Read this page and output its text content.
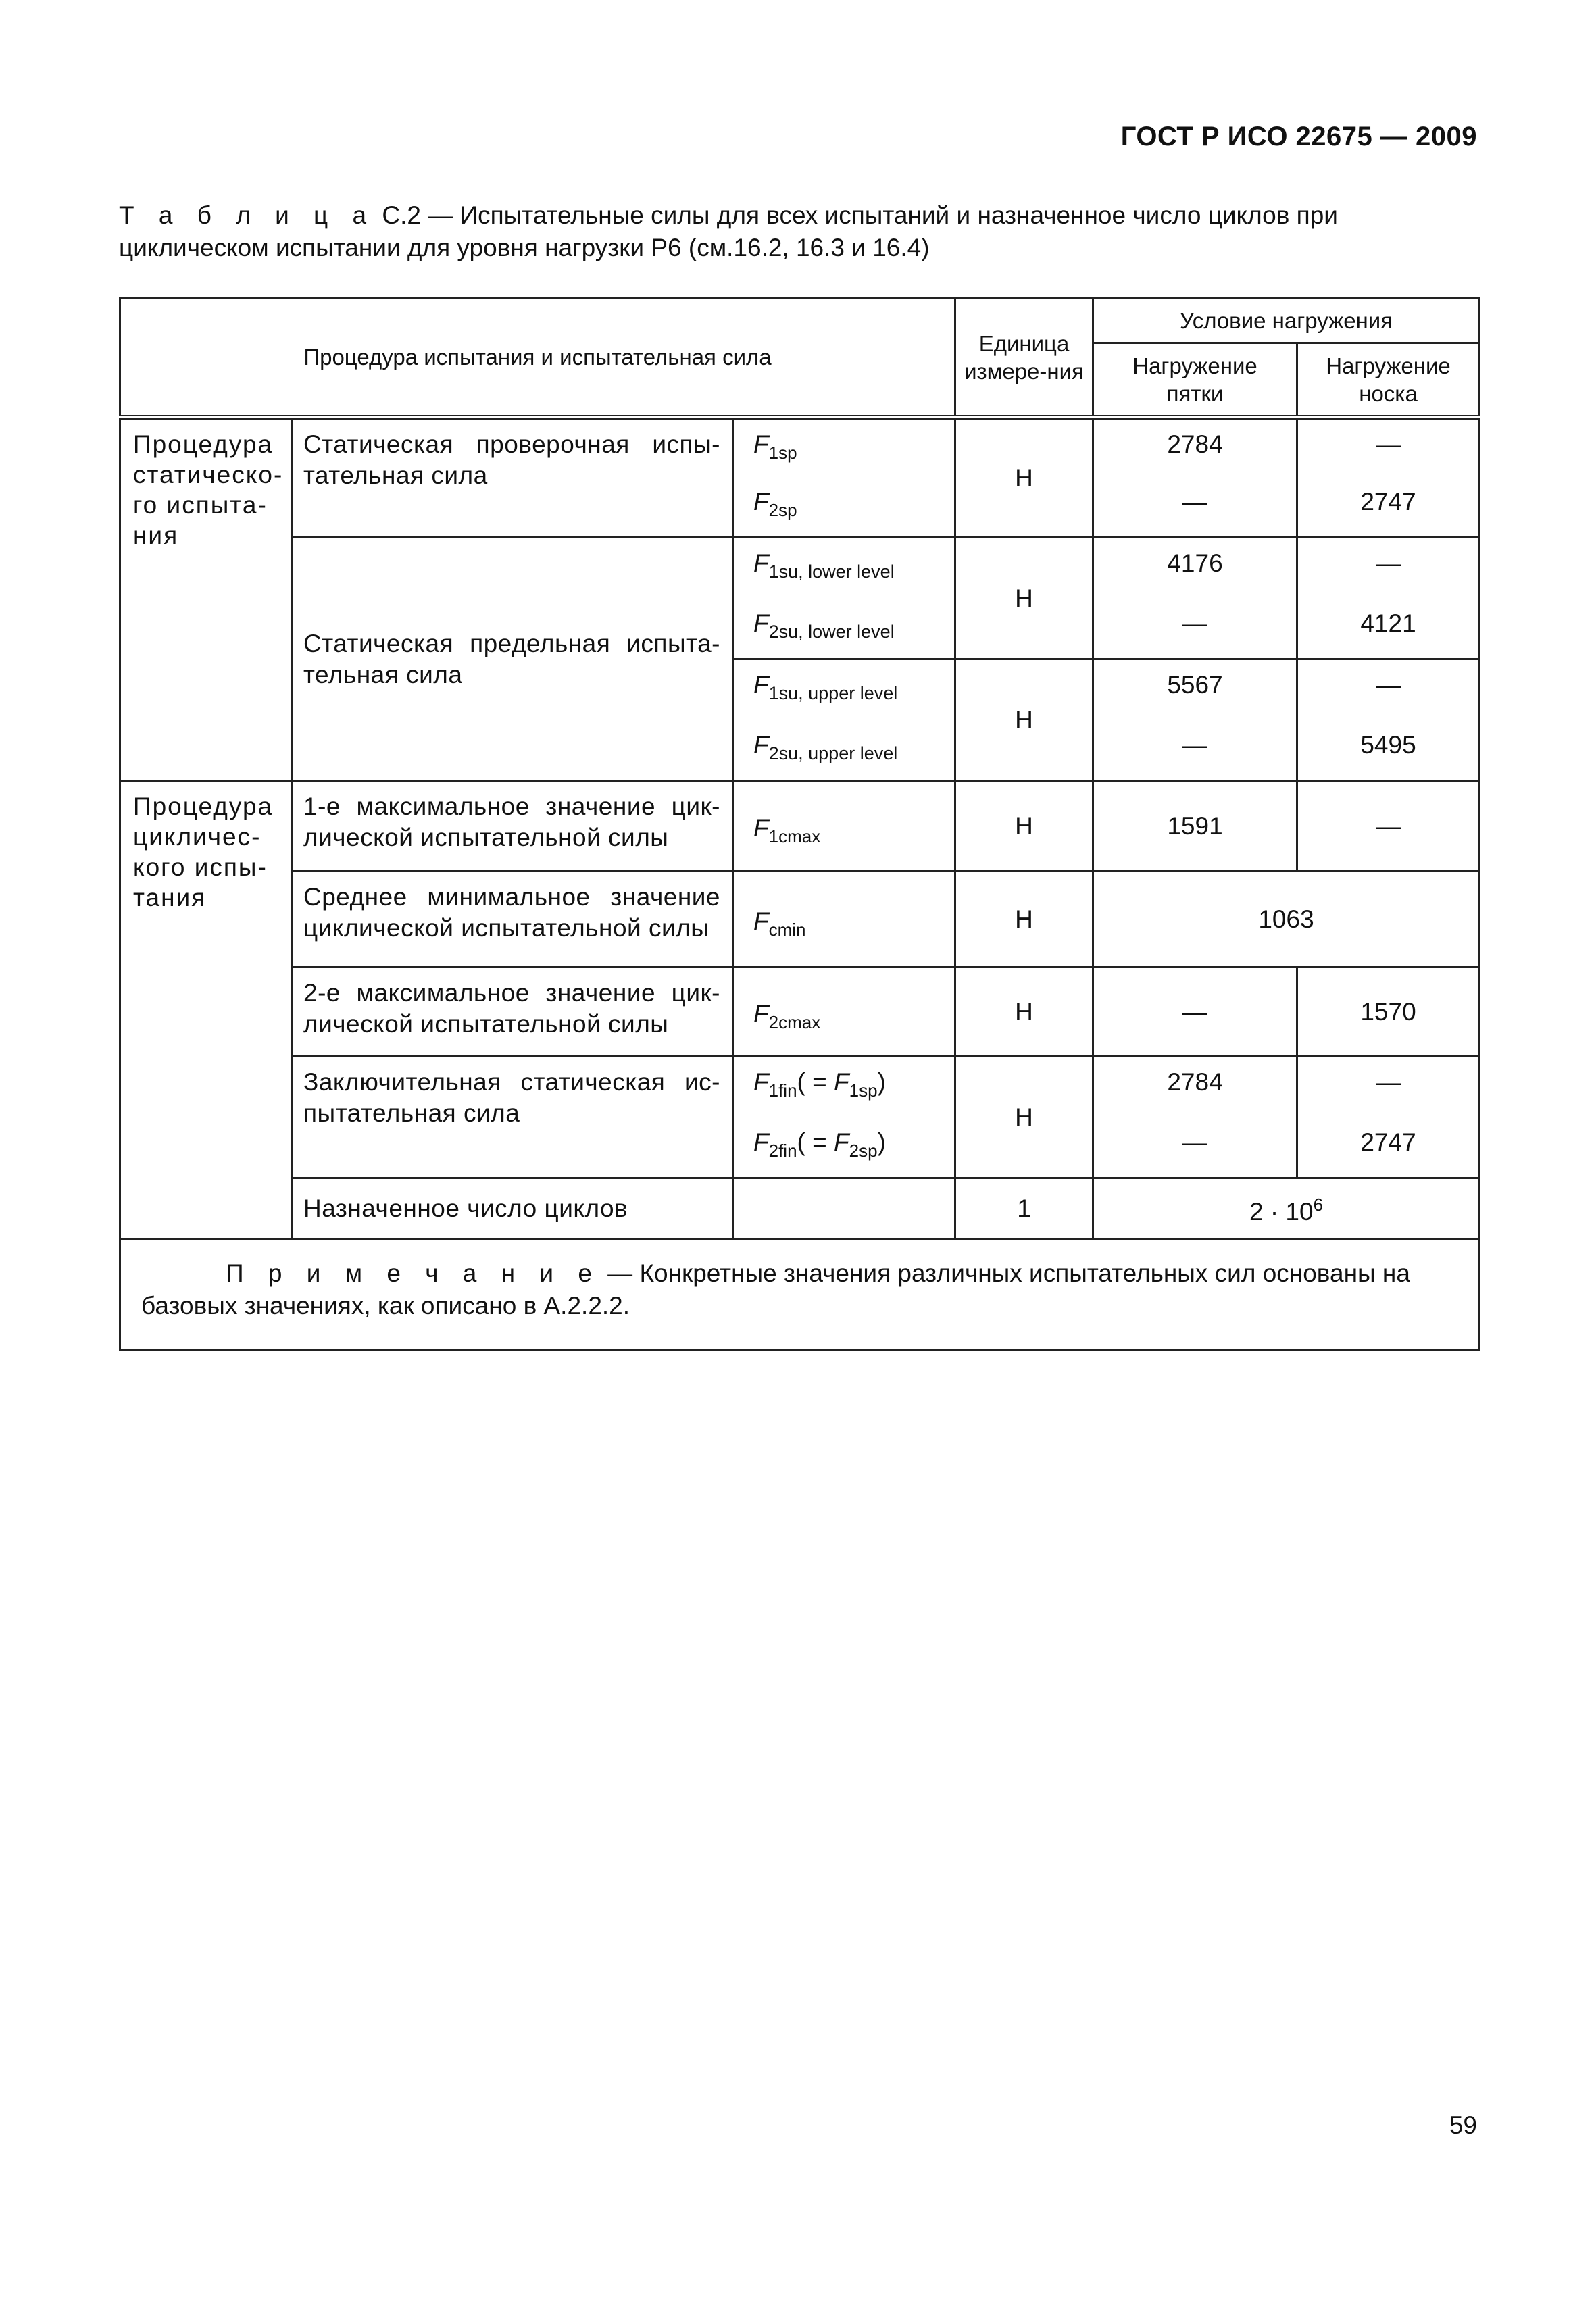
ГОСТ Р ИСО 22675 — 2009
Т а б л и ц а С.2 — Испытательные силы для всех испытаний и назначенное число циклов при циклическом испытании для уровня нагрузки P6 (см.16.2, 16.3 и 16.4)
Процедура испытания и испытательная сила			Единица измере-ния	Условие нагружения	

				Нагружение пятки	Нагружение носка

Процедура статическо-го испыта-ния	Статическая проверочная испы-тательная сила	$F_{1sp}$	Н	2784	—
		$F_{2sp}$		—	2747
	Статическая предельная испыта-тельная сила	$F_{1su, lower level}$	Н	4176	—
		$F_{2su, lower level}$		—	4121
		$F_{1su, upper level}$	Н	5567	—
		$F_{2su, upper level}$		—	5495
Процедура цикличес-кого испы-тания	1-е максимальное значение цик-лической испытательной силы	$F_{1cmax}$	Н	1591	—
	Среднее минимальное значение циклической испытательной силы	$F_{cmin}$	Н	1063	
	2-е максимальное значение цик-лической испытательной силы	$F_{2cmax}$	Н	—	1570
	Заключительная статическая ис-пытательная сила	$F_{1fin}( = F_{1sp})$	Н	2784	—
		$F_{2fin}( = F_{2sp})$		—	2747
	Назначенное число циклов		1	$2 \cdot 10^6$
П р и м е ч а н и е — Конкретные значения различных испытательных сил основаны на базовых значениях, как описано в А.2.2.2.					
59
